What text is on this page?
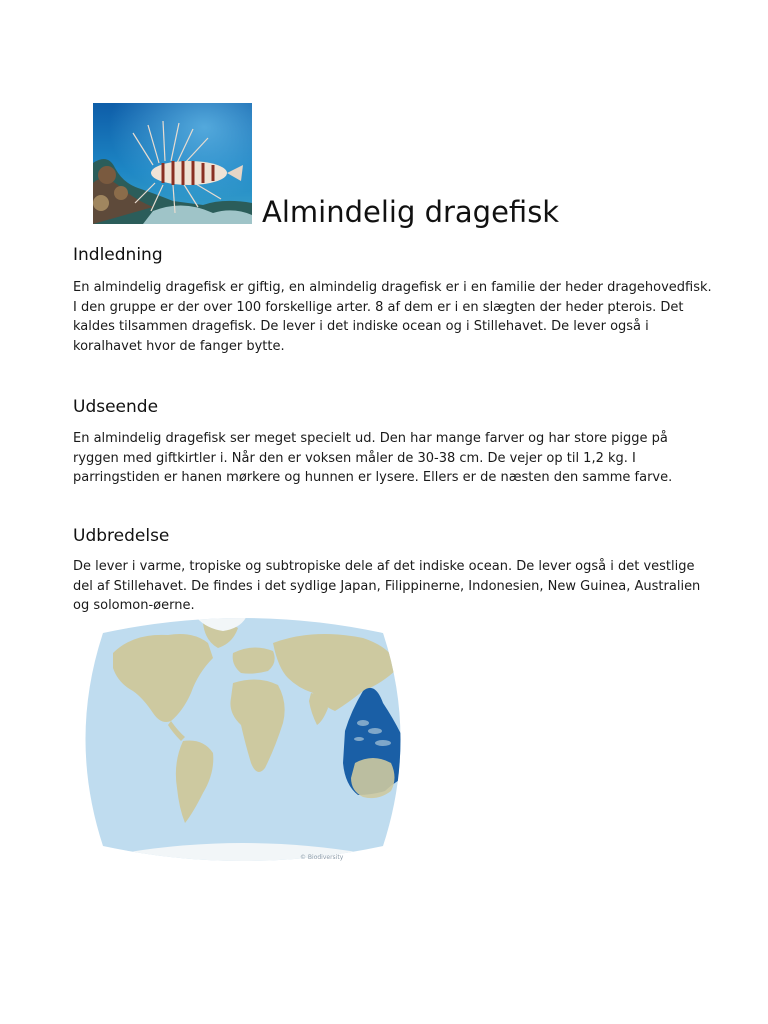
Almindelig dragefisk
Indledning

En almindelig dragefisk er giftig, en almindelig dragefisk er i en familie der heder dragehovedfisk. I den gruppe er der over 100 forskellige arter. 8 af dem er i en slægten der heder pterois. Det kaldes tilsammen dragefisk. De lever i det indiske ocean og i Stillehavet. De lever også i koralhavet hvor de fanger bytte.

Udseende

En almindelig dragefisk ser meget specielt ud. Den har mange farver og har store pigge på ryggen med giftkirtler i. Når den er voksen måler de 30-38 cm. De vejer op til 1,2 kg. I parringstiden er hanen mørkere og hunnen er lysere. Ellers er de næsten den samme farve.

Udbredelse

De lever i varme, tropiske og subtropiske dele af det indiske ocean. De lever også i det vestlige del af Stillehavet. De findes i det sydlige Japan, Filippinerne, Indonesien, New Guinea, Australien og solomon-øerne.

© Biodiversity
